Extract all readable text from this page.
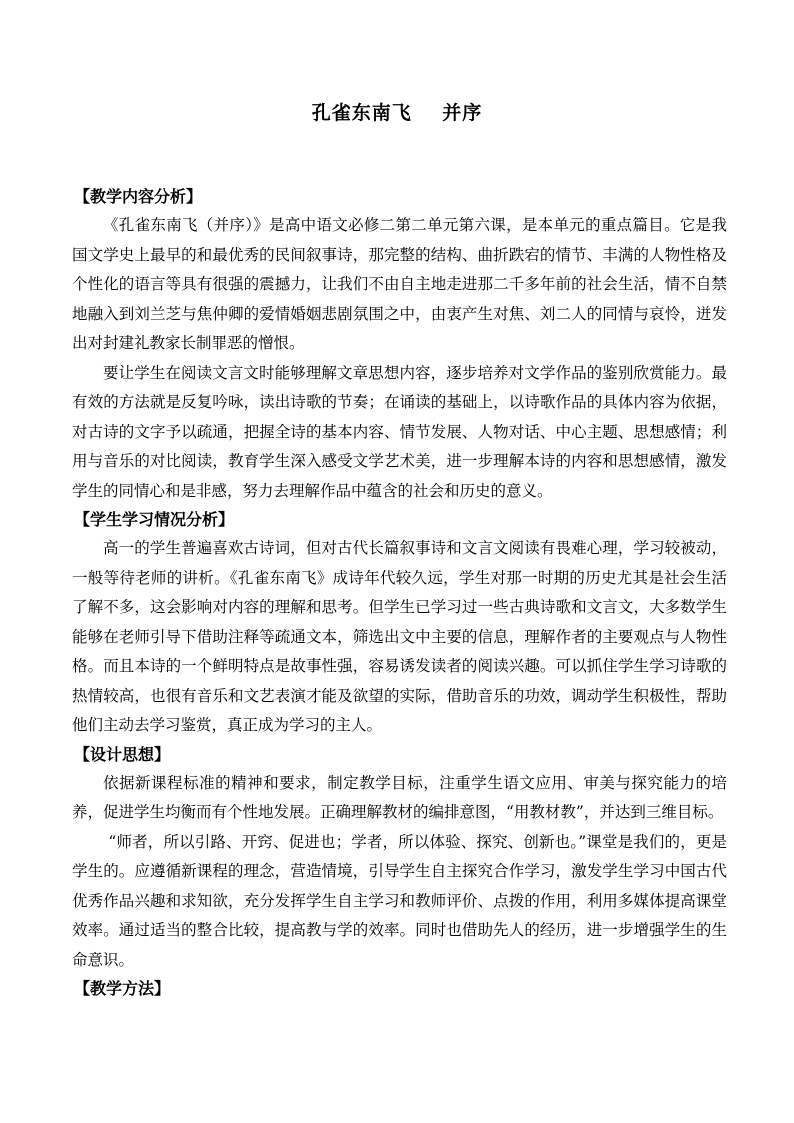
孔雀东南飞    并序
【教学内容分析】

《孔雀东南飞（并序）》是高中语文必修二第二单元第六课，是本单元的重点篇目。它是我国文学史上最早的和最优秀的民间叙事诗，那完整的结构、曲折跌宕的情节、丰满的人物性格及个性化的语言等具有很强的震撼力，让我们不由自主地走进那二千多年前的社会生活，情不自禁地融入到刘兰芝与焦仲卿的爱情婚姻悲剧氛围之中，由衷产生对焦、刘二人的同情与哀怜，迸发出对封建礼教家长制罪恶的憎恨。

要让学生在阅读文言文时能够理解文章思想内容，逐步培养对文学作品的鉴别欣赏能力。最有效的方法就是反复吟咏，读出诗歌的节奏；在诵读的基础上，以诗歌作品的具体内容为依据，对古诗的文字予以疏通，把握全诗的基本内容、情节发展、人物对话、中心主题、思想感情；利用与音乐的对比阅读，教育学生深入感受文学艺术美，进一步理解本诗的内容和思想感情，激发学生的同情心和是非感，努力去理解作品中蕴含的社会和历史的意义。

【学生学习情况分析】

高一的学生普遍喜欢古诗词，但对古代长篇叙事诗和文言文阅读有畏难心理，学习较被动，一般等待老师的讲析。《孔雀东南飞》成诗年代较久远，学生对那一时期的历史尤其是社会生活了解不多，这会影响对内容的理解和思考。但学生已学习过一些古典诗歌和文言文，大多数学生能够在老师引导下借助注释等疏通文本，筛选出文中主要的信息，理解作者的主要观点与人物性格。而且本诗的一个鲜明特点是故事性强，容易诱发读者的阅读兴趣。可以抓住学生学习诗歌的热情较高，也很有音乐和文艺表演才能及欲望的实际，借助音乐的功效，调动学生积极性，帮助他们主动去学习鉴赏，真正成为学习的主人。

【设计思想】

依据新课程标准的精神和要求，制定教学目标，注重学生语文应用、审美与探究能力的培养，促进学生均衡而有个性地发展。正确理解教材的编排意图，“用教材教”，并达到三维目标。

“师者，所以引路、开窍、促进也；学者，所以体验、探究、创新也。”课堂是我们的，更是学生的。应遵循新课程的理念，营造情境，引导学生自主探究合作学习，激发学生学习中国古代优秀作品兴趣和求知欲，充分发挥学生自主学习和教师评价、点拨的作用，利用多媒体提高课堂效率。通过适当的整合比较，提高教与学的效率。同时也借助先人的经历，进一步增强学生的生命意识。

【教学方法】
